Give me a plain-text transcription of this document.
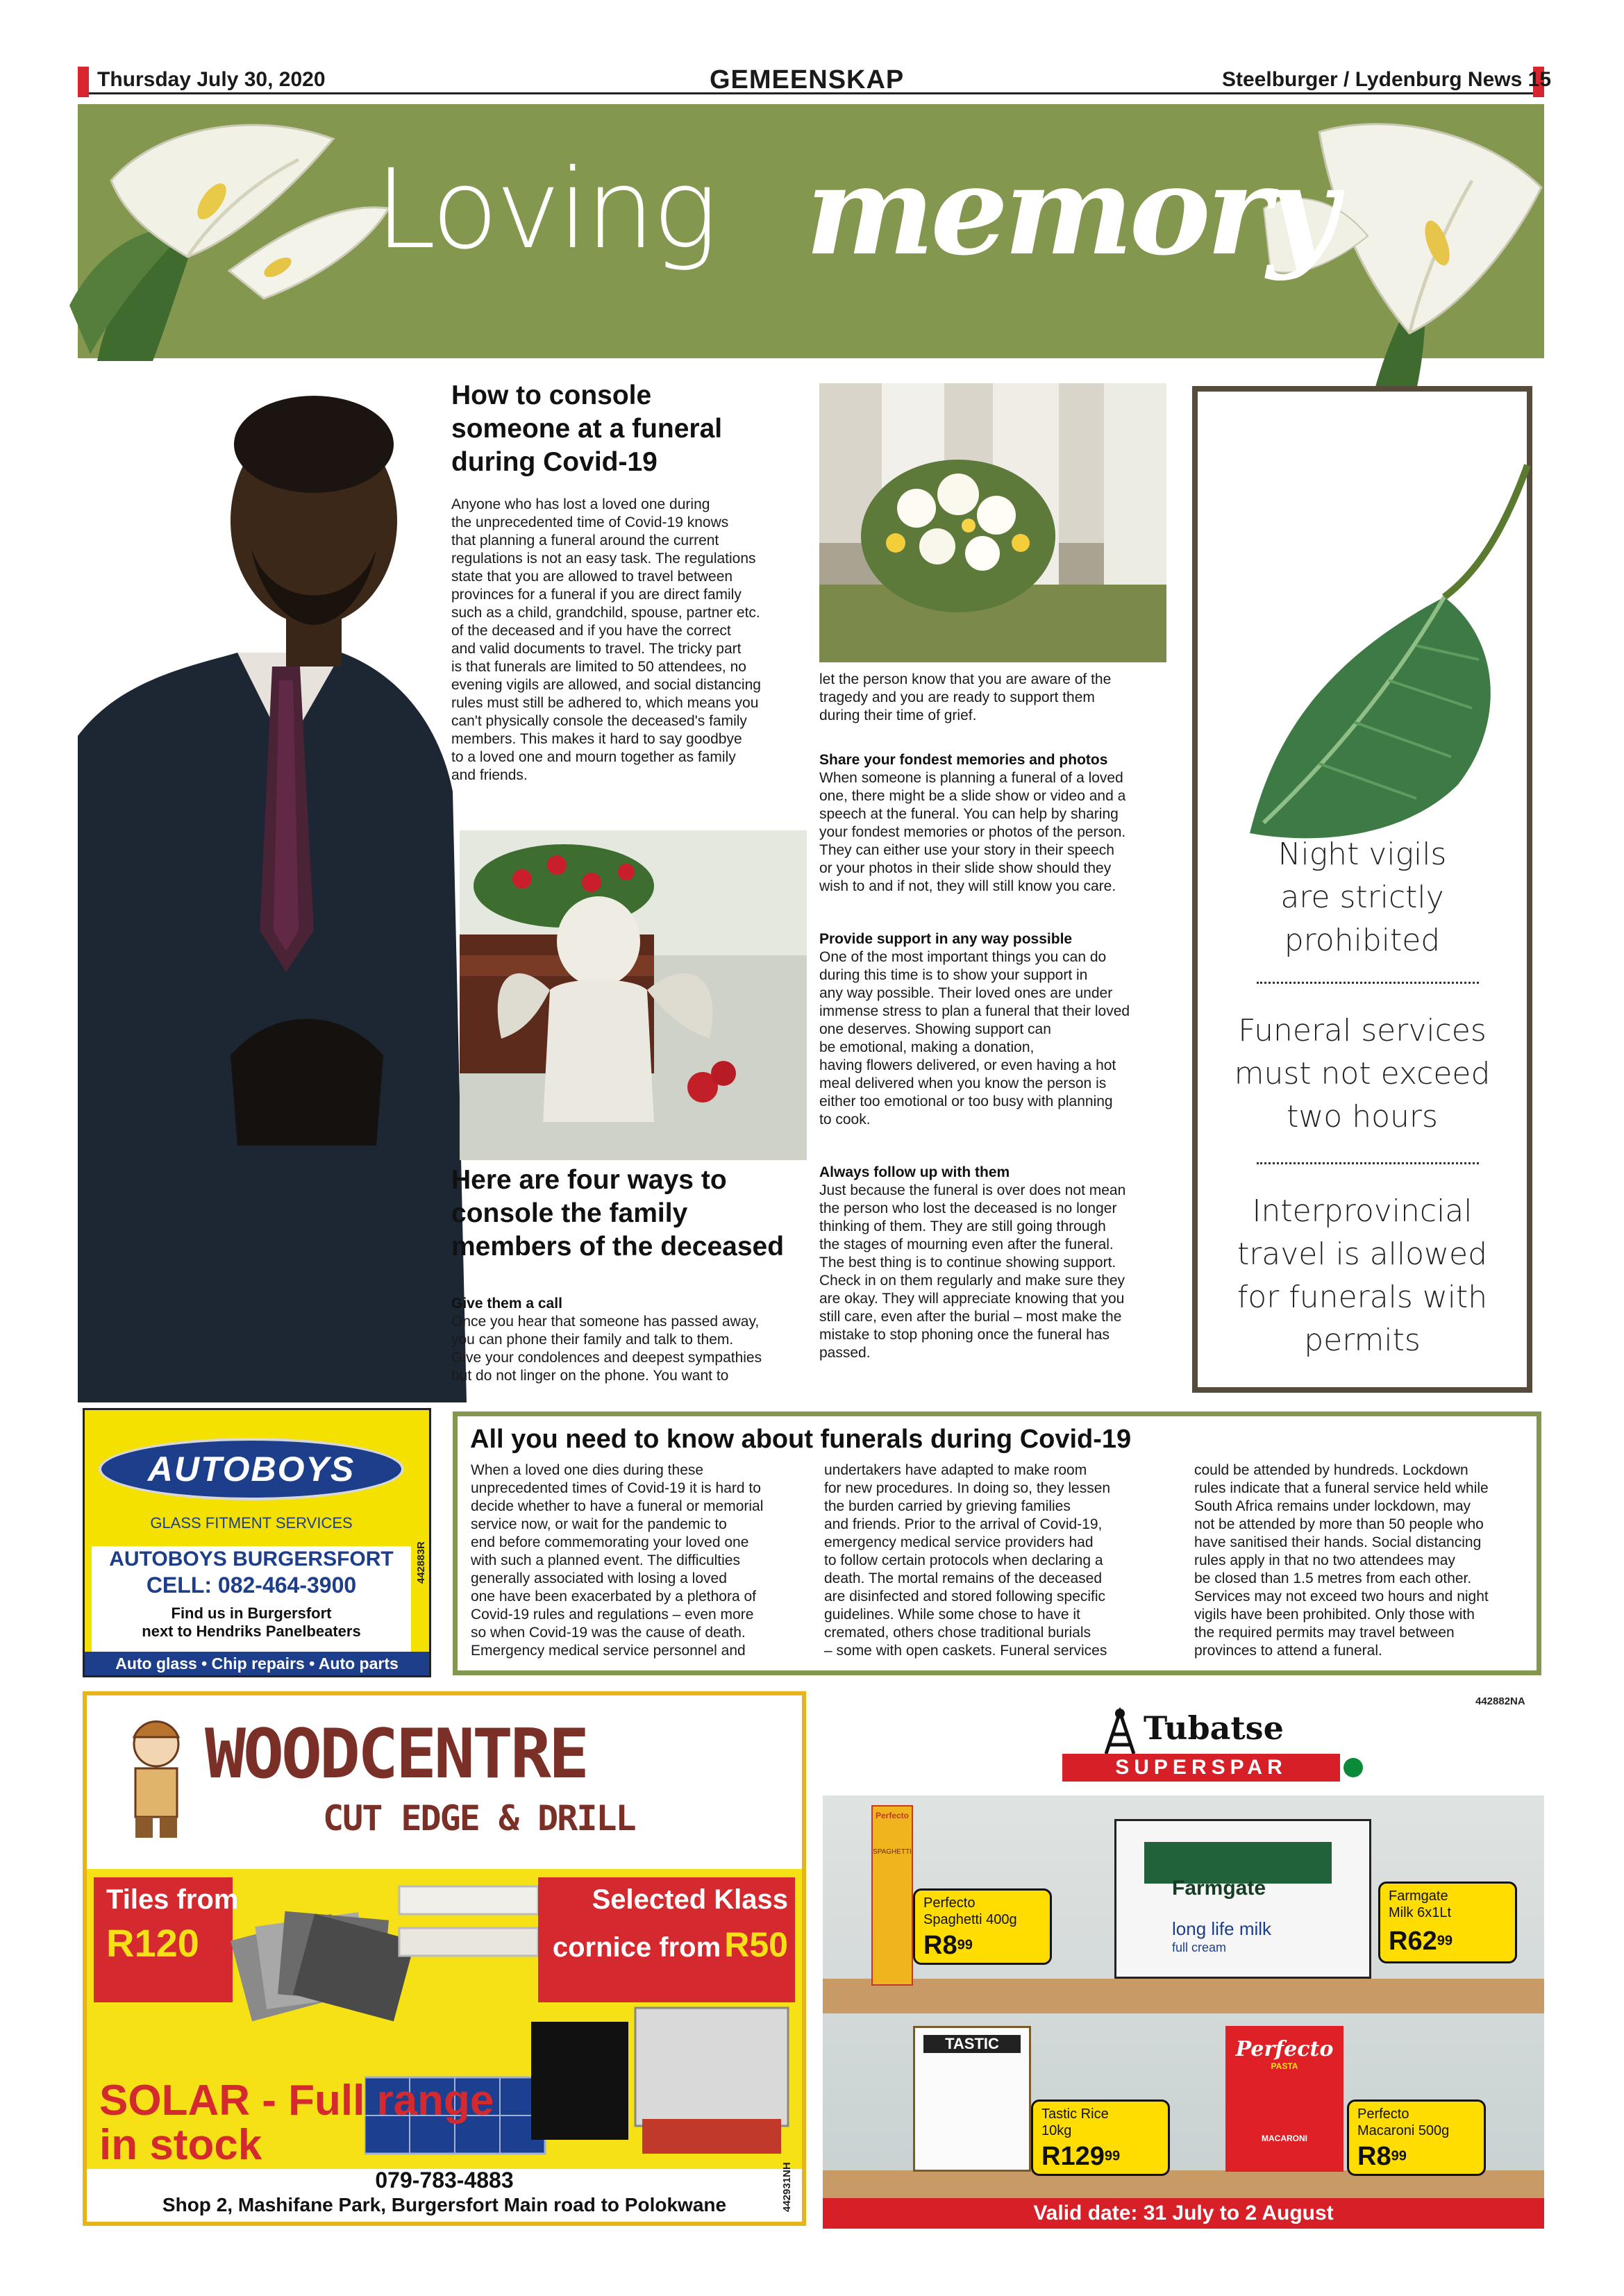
Thursday July 30, 2020	GEMEENSKAP	Steelburger / Lydenburg News 15
Loving memory
How to console someone at a funeral during Covid-19
Anyone who has lost a loved one during
the unprecedented time of Covid-19 knows
that planning a funeral around the current
regulations is not an easy task. The regulations
state that you are allowed to travel between
provinces for a funeral if you are direct family
such as a child, grandchild, spouse, partner etc.
of the deceased and if you have the correct
and valid documents to travel. The tricky part
is that funerals are limited to 50 attendees, no
evening vigils are allowed, and social distancing
rules must still be adhered to, which means you
can't physically console the deceased's family
members. This makes it hard to say goodbye
to a loved one and mourn together as family
and friends.
Here are four ways to console the family members of the deceased
Give them a call
Once you hear that someone has passed away,
you can phone their family and talk to them.
Give your condolences and deepest sympathies
but do not linger on the phone. You want to
let the person know that you are aware of the
tragedy and you are ready to support them
during their time of grief.
Share your fondest memories and photos
When someone is planning a funeral of a loved
one, there might be a slide show or video and a
speech at the funeral. You can help by sharing
your fondest memories or photos of the person.
They can either use your story in their speech
or your photos in their slide show should they
wish to and if not, they will still know you care.
Provide support in any way possible
One of the most important things you can do
during this time is to show your support in
any way possible. Their loved ones are under
immense stress to plan a funeral that their loved
one deserves. Showing support can
be emotional, making a donation,
having flowers delivered, or even having a hot
meal delivered when you know the person is
either too emotional or too busy with planning
to cook.
Always follow up with them
Just because the funeral is over does not mean
the person who lost the deceased is no longer
thinking of them. They are still going through
the stages of mourning even after the funeral.
The best thing is to continue showing support.
Check in on them regularly and make sure they
are okay. They will appreciate knowing that you
still care, even after the burial – most make the
mistake to stop phoning once the funeral has
passed.
Night vigils
are strictly
prohibited
Funeral services
must not exceed
two hours
Interprovincial
travel is allowed
for funerals with
permits
All you need to know about funerals during Covid-19
When a loved one dies during these
unprecedented times of Covid-19 it is hard to
decide whether to have a funeral or memorial
service now, or wait for the pandemic to
end before commemorating your loved one
with such a planned event. The difficulties
generally associated with losing a loved
one have been exacerbated by a plethora of
Covid-19 rules and regulations – even more
so when Covid-19 was the cause of death.
Emergency medical service personnel and
undertakers have adapted to make room
for new procedures. In doing so, they lessen
the burden carried by grieving families
and friends. Prior to the arrival of Covid-19,
emergency medical service providers had
to follow certain protocols when declaring a
death. The mortal remains of the deceased
are disinfected and stored following specific
guidelines. While some chose to have it
cremated, others chose traditional burials
– some with open caskets. Funeral services
could be attended by hundreds. Lockdown
rules indicate that a funeral service held while
South Africa remains under lockdown, may
not be attended by more than 50 people who
have sanitised their hands. Social distancing
rules apply in that no two attendees may
be closed than 1.5 metres from each other.
Services may not exceed two hours and night
vigils have been prohibited. Only those with
the required permits may travel between
provinces to attend a funeral.
AUTOBOYS
GLASS FITMENT SERVICES
AUTOBOYS BURGERSFORT
CELL: 082-464-3900
Find us in Burgersfort
next to Hendriks Panelbeaters
442883R
Auto glass • Chip repairs • Auto parts
WOODCENTRE
CUT EDGE & DRILL
Tiles from
R120
Selected Klass
cornice from R50
SOLAR - Full range
in stock
079-783-4883
Shop 2, Mashifane Park, Burgersfort Main road to Polokwane	442931NH
442882NA
Tubatse
SUPERSPAR
Perfecto
SPAGHETTI
Farmgate
long life milk
full cream
TASTIC	Perfecto
PASTA
MACARONI
Perfecto
Spaghetti 400g
$R8^{99}$
Farmgate
Milk 6x1Lt
$R62^{99}$
Tastic Rice
10kg
$R129^{99}$
Perfecto
Macaroni 500g
$R8^{99}$
Valid date: 31 July to 2 August
